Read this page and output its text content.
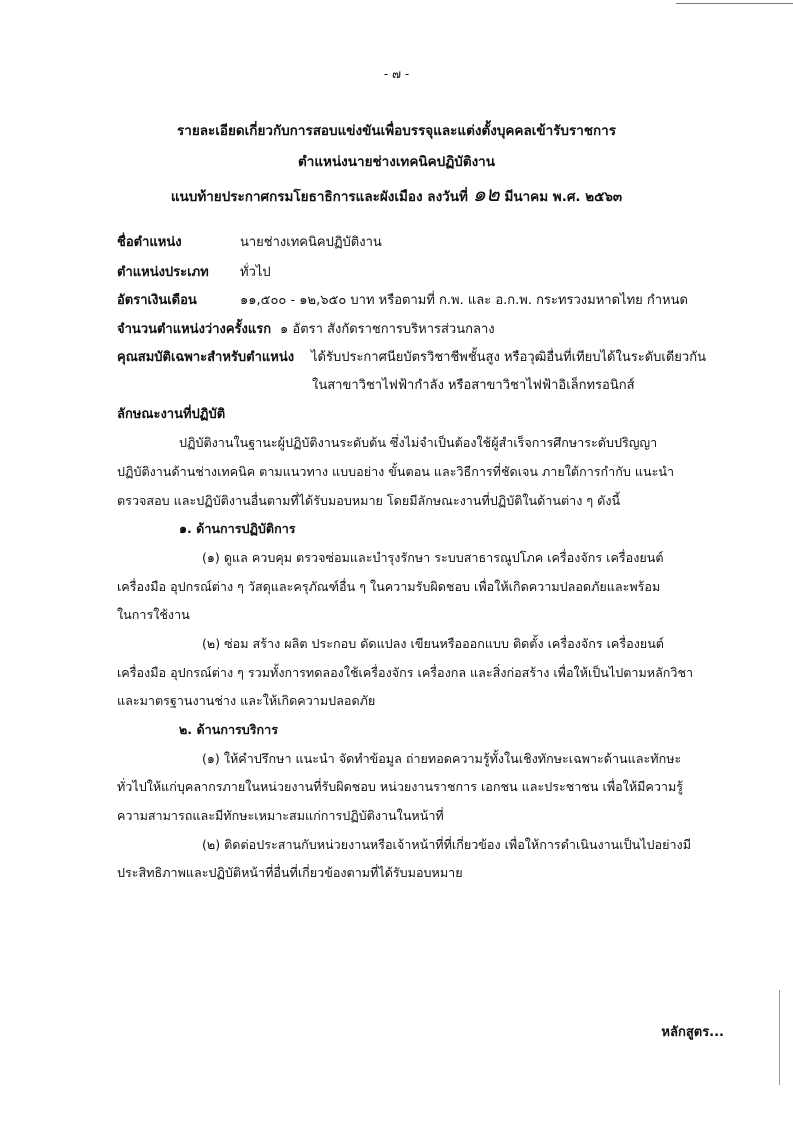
- ๗ -
รายละเอียดเกี่ยวกับการสอบแข่งขันเพื่อบรรจุและแต่งตั้งบุคคลเข้ารับราชการ
ตำแหน่งนายช่างเทคนิคปฏิบัติงาน
แนบท้ายประกาศกรมโยธาธิการและผังเมือง ลงวันที่ ๑๒ มีนาคม พ.ศ. ๒๕๖๓
ชื่อตำแหน่ง	นายช่างเทคนิคปฏิบัติงาน
ตำแหน่งประเภท ทั่วไป
อัตราเงินเดือน	๑๑,๕๐๐ - ๑๒,๖๕๐ บาท หรือตามที่ ก.พ. และ อ.ก.พ. กระทรวงมหาดไทย กำหนด
จำนวนตำแหน่งว่างครั้งแรก ๑ อัตรา สังกัดราชการบริหารส่วนกลาง
คุณสมบัติเฉพาะสำหรับตำแหน่ง ได้รับประกาศนียบัตรวิชาชีพชั้นสูง หรือวุฒิอื่นที่เทียบได้ในระดับเดียวกัน
ในสาขาวิชาไฟฟ้ากำลัง หรือสาขาวิชาไฟฟ้าอิเล็กทรอนิกส์
ลักษณะงานที่ปฏิบัติ
ปฏิบัติงานในฐานะผู้ปฏิบัติงานระดับต้น ซึ่งไม่จำเป็นต้องใช้ผู้สำเร็จการศึกษาระดับปริญญา
ปฏิบัติงานด้านช่างเทคนิค ตามแนวทาง แบบอย่าง ขั้นตอน และวิธีการที่ชัดเจน ภายใต้การกำกับ แนะนำ
ตรวจสอบ และปฏิบัติงานอื่นตามที่ได้รับมอบหมาย โดยมีลักษณะงานที่ปฏิบัติในด้านต่าง ๆ ดังนี้
๑. ด้านการปฏิบัติการ
(๑) ดูแล ควบคุม ตรวจซ่อมและบำรุงรักษา ระบบสาธารณูปโภค เครื่องจักร เครื่องยนต์
เครื่องมือ อุปกรณ์ต่าง ๆ วัสดุและครุภัณฑ์อื่น ๆ ในความรับผิดชอบ เพื่อให้เกิดความปลอดภัยและพร้อม
ในการใช้งาน
(๒) ซ่อม สร้าง ผลิต ประกอบ ดัดแปลง เขียนหรือออกแบบ ติดตั้ง เครื่องจักร เครื่องยนต์
เครื่องมือ อุปกรณ์ต่าง ๆ รวมทั้งการทดลองใช้เครื่องจักร เครื่องกล และสิ่งก่อสร้าง เพื่อให้เป็นไปตามหลักวิชา
และมาตรฐานงานช่าง และให้เกิดความปลอดภัย
๒. ด้านการบริการ
(๑) ให้คำปรึกษา แนะนำ จัดทำข้อมูล ถ่ายทอดความรู้ทั้งในเชิงทักษะเฉพาะด้านและทักษะ
ทั่วไปให้แก่บุคลากรภายในหน่วยงานที่รับผิดชอบ หน่วยงานราชการ เอกชน และประชาชน เพื่อให้มีความรู้
ความสามารถและมีทักษะเหมาะสมแก่การปฏิบัติงานในหน้าที่
(๒) ติดต่อประสานกับหน่วยงานหรือเจ้าหน้าที่ที่เกี่ยวข้อง เพื่อให้การดำเนินงานเป็นไปอย่างมี
ประสิทธิภาพและปฏิบัติหน้าที่อื่นที่เกี่ยวข้องตามที่ได้รับมอบหมาย
หลักสูตร...
